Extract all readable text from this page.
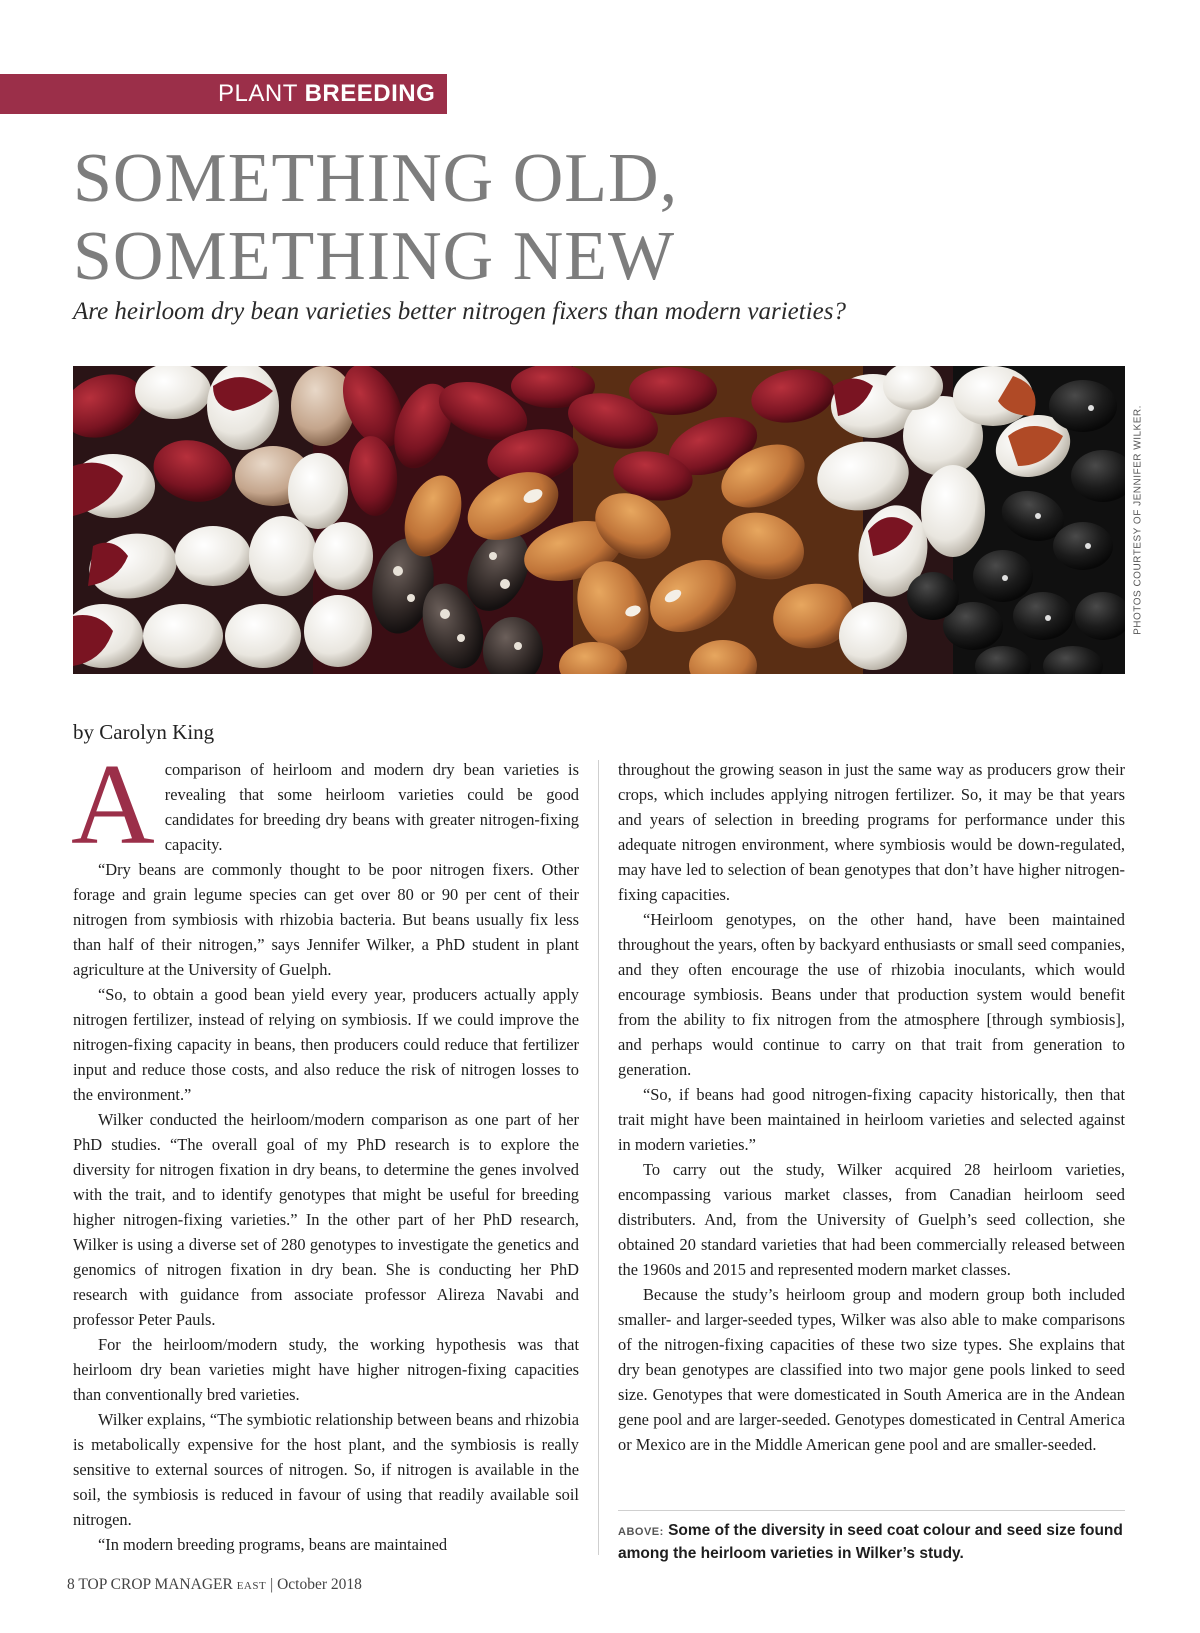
PLANT BREEDING
SOMETHING OLD,
SOMETHING NEW

Are heirloom dry bean varieties better nitrogen fixers than modern varieties?

PHOTOS COURTESY OF JENNIFER WILKER.
by Carolyn King

Acomparison of heirloom and modern dry bean varieties is revealing that some heirloom varieties could be good candidates for breeding dry beans with greater nitrogen-fixing capacity.

“Dry beans are commonly thought to be poor nitrogen fixers. Other forage and grain legume species can get over 80 or 90 per cent of their nitrogen from symbiosis with rhizobia bacteria. But beans usually fix less than half of their nitrogen,” says Jennifer Wilker, a PhD student in plant agriculture at the University of Guelph.

“So, to obtain a good bean yield every year, producers actually apply nitrogen fertilizer, instead of relying on symbiosis. If we could improve the nitrogen-fixing capacity in beans, then producers could reduce that fertilizer input and reduce those costs, and also reduce the risk of nitrogen losses to the environment.”

Wilker conducted the heirloom/modern comparison as one part of her PhD studies. “The overall goal of my PhD research is to explore the diversity for nitrogen fixation in dry beans, to determine the genes involved with the trait, and to identify genotypes that might be useful for breeding higher nitrogen-fixing varieties.” In the other part of her PhD research, Wilker is using a diverse set of 280 genotypes to investigate the genetics and genomics of nitrogen fixation in dry bean. She is conducting her PhD research with guidance from associate professor Alireza Navabi and professor Peter Pauls.

For the heirloom/modern study, the working hypothesis was that heirloom dry bean varieties might have higher nitrogen-fixing capacities than conventionally bred varieties.

Wilker explains, “The symbiotic relationship between beans and rhizobia is metabolically expensive for the host plant, and the symbiosis is really sensitive to external sources of nitrogen. So, if nitrogen is available in the soil, the symbiosis is reduced in favour of using that readily available soil nitrogen.

“In modern breeding programs, beans are maintained

throughout the growing season in just the same way as producers grow their crops, which includes applying nitrogen fertilizer. So, it may be that years and years of selection in breeding programs for performance under this adequate nitrogen environment, where symbiosis would be down-regulated, may have led to selection of bean genotypes that don’t have higher nitrogen-fixing capacities.

“Heirloom genotypes, on the other hand, have been maintained throughout the years, often by backyard enthusiasts or small seed companies, and they often encourage the use of rhizobia inoculants, which would encourage symbiosis. Beans under that production system would benefit from the ability to fix nitrogen from the atmosphere [through symbiosis], and perhaps would continue to carry on that trait from generation to generation.

“So, if beans had good nitrogen-fixing capacity historically, then that trait might have been maintained in heirloom varieties and selected against in modern varieties.”

To carry out the study, Wilker acquired 28 heirloom varieties, encompassing various market classes, from Canadian heirloom seed distributers. And, from the University of Guelph’s seed collection, she obtained 20 standard varieties that had been commercially released between the 1960s and 2015 and represented modern market classes.

Because the study’s heirloom group and modern group both included smaller- and larger-seeded types, Wilker was also able to make comparisons of the nitrogen-fixing capacities of these two size types. She explains that dry bean genotypes are classified into two major gene pools linked to seed size. Genotypes that were domesticated in South America are in the Andean gene pool and are larger-seeded. Genotypes domesticated in Central America or Mexico are in the Middle American gene pool and are smaller-seeded.

ABOVE: Some of the diversity in seed coat colour and seed size found among the heirloom varieties in Wilker’s study.
8 TOP CROP MANAGER EAST | October 2018
